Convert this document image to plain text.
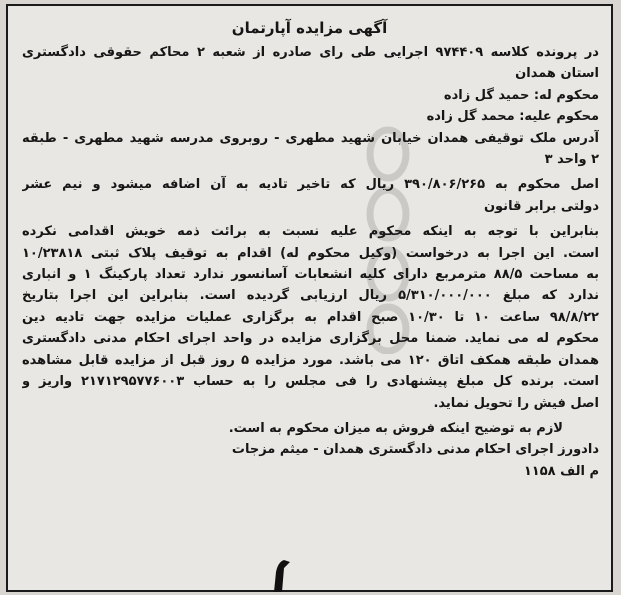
آگهی مزایده آپارتمان
در پرونده کلاسه ۹۷۴۴۰۹ اجرایی طی رای صادره از شعبه ۲ محاکم حقوقی دادگستری
استان همدان
محکوم له: حمید گل زاده
محکوم علیه: محمد گل زاده
آدرس ملک توقیفی همدان خیابان شهید مطهری - روبروی مدرسه شهید مطهری - طبقه
۲ واحد ۳
اصل محکوم به ۳۹۰/۸۰۶/۲۶۵ ریال که تاخیر تادیه به آن اضافه میشود و نیم عشر
دولتی برابر قانون
بنابراین با توجه به اینکه محکوم علیه نسبت به برائت ذمه خویش اقدامی نکرده
است. این اجرا به درخواست (وکیل محکوم له) اقدام به توقیف پلاک ثبتی ۱۰/۲۳۸۱۸
به مساحت ۸۸/۵ مترمربع دارای کلیه انشعابات آسانسور ندارد تعداد پارکینگ ۱ و انباری
ندارد که مبلغ ۵/۳۱۰/۰۰۰/۰۰۰ ریال ارزیابی گردیده است. بنابراین این اجرا بتاریخ
۹۸/۸/۲۲ ساعت ۱۰ تا ۱۰/۳۰ صبح اقدام به برگزاری عملیات مزایده جهت تادیه دین
محکوم له می نماید. ضمنا محل برگزاری مزایده در واحد اجرای احکام مدنی دادگستری
همدان طبقه همکف اتاق ۱۲۰ می باشد. مورد مزایده ۵ روز قبل از مزایده قابل مشاهده
است. برنده کل مبلغ پیشنهادی را فی مجلس را به حساب ۲۱۷۱۲۹۵۷۷۶۰۰۳ واریز و
اصل فیش را تحویل نماید.
لازم به توضیح اینکه فروش به میزان محکوم به است.
دادورز اجرای احکام مدنی دادگستری همدان - میثم مزجات
م الف ۱۱۵۸
